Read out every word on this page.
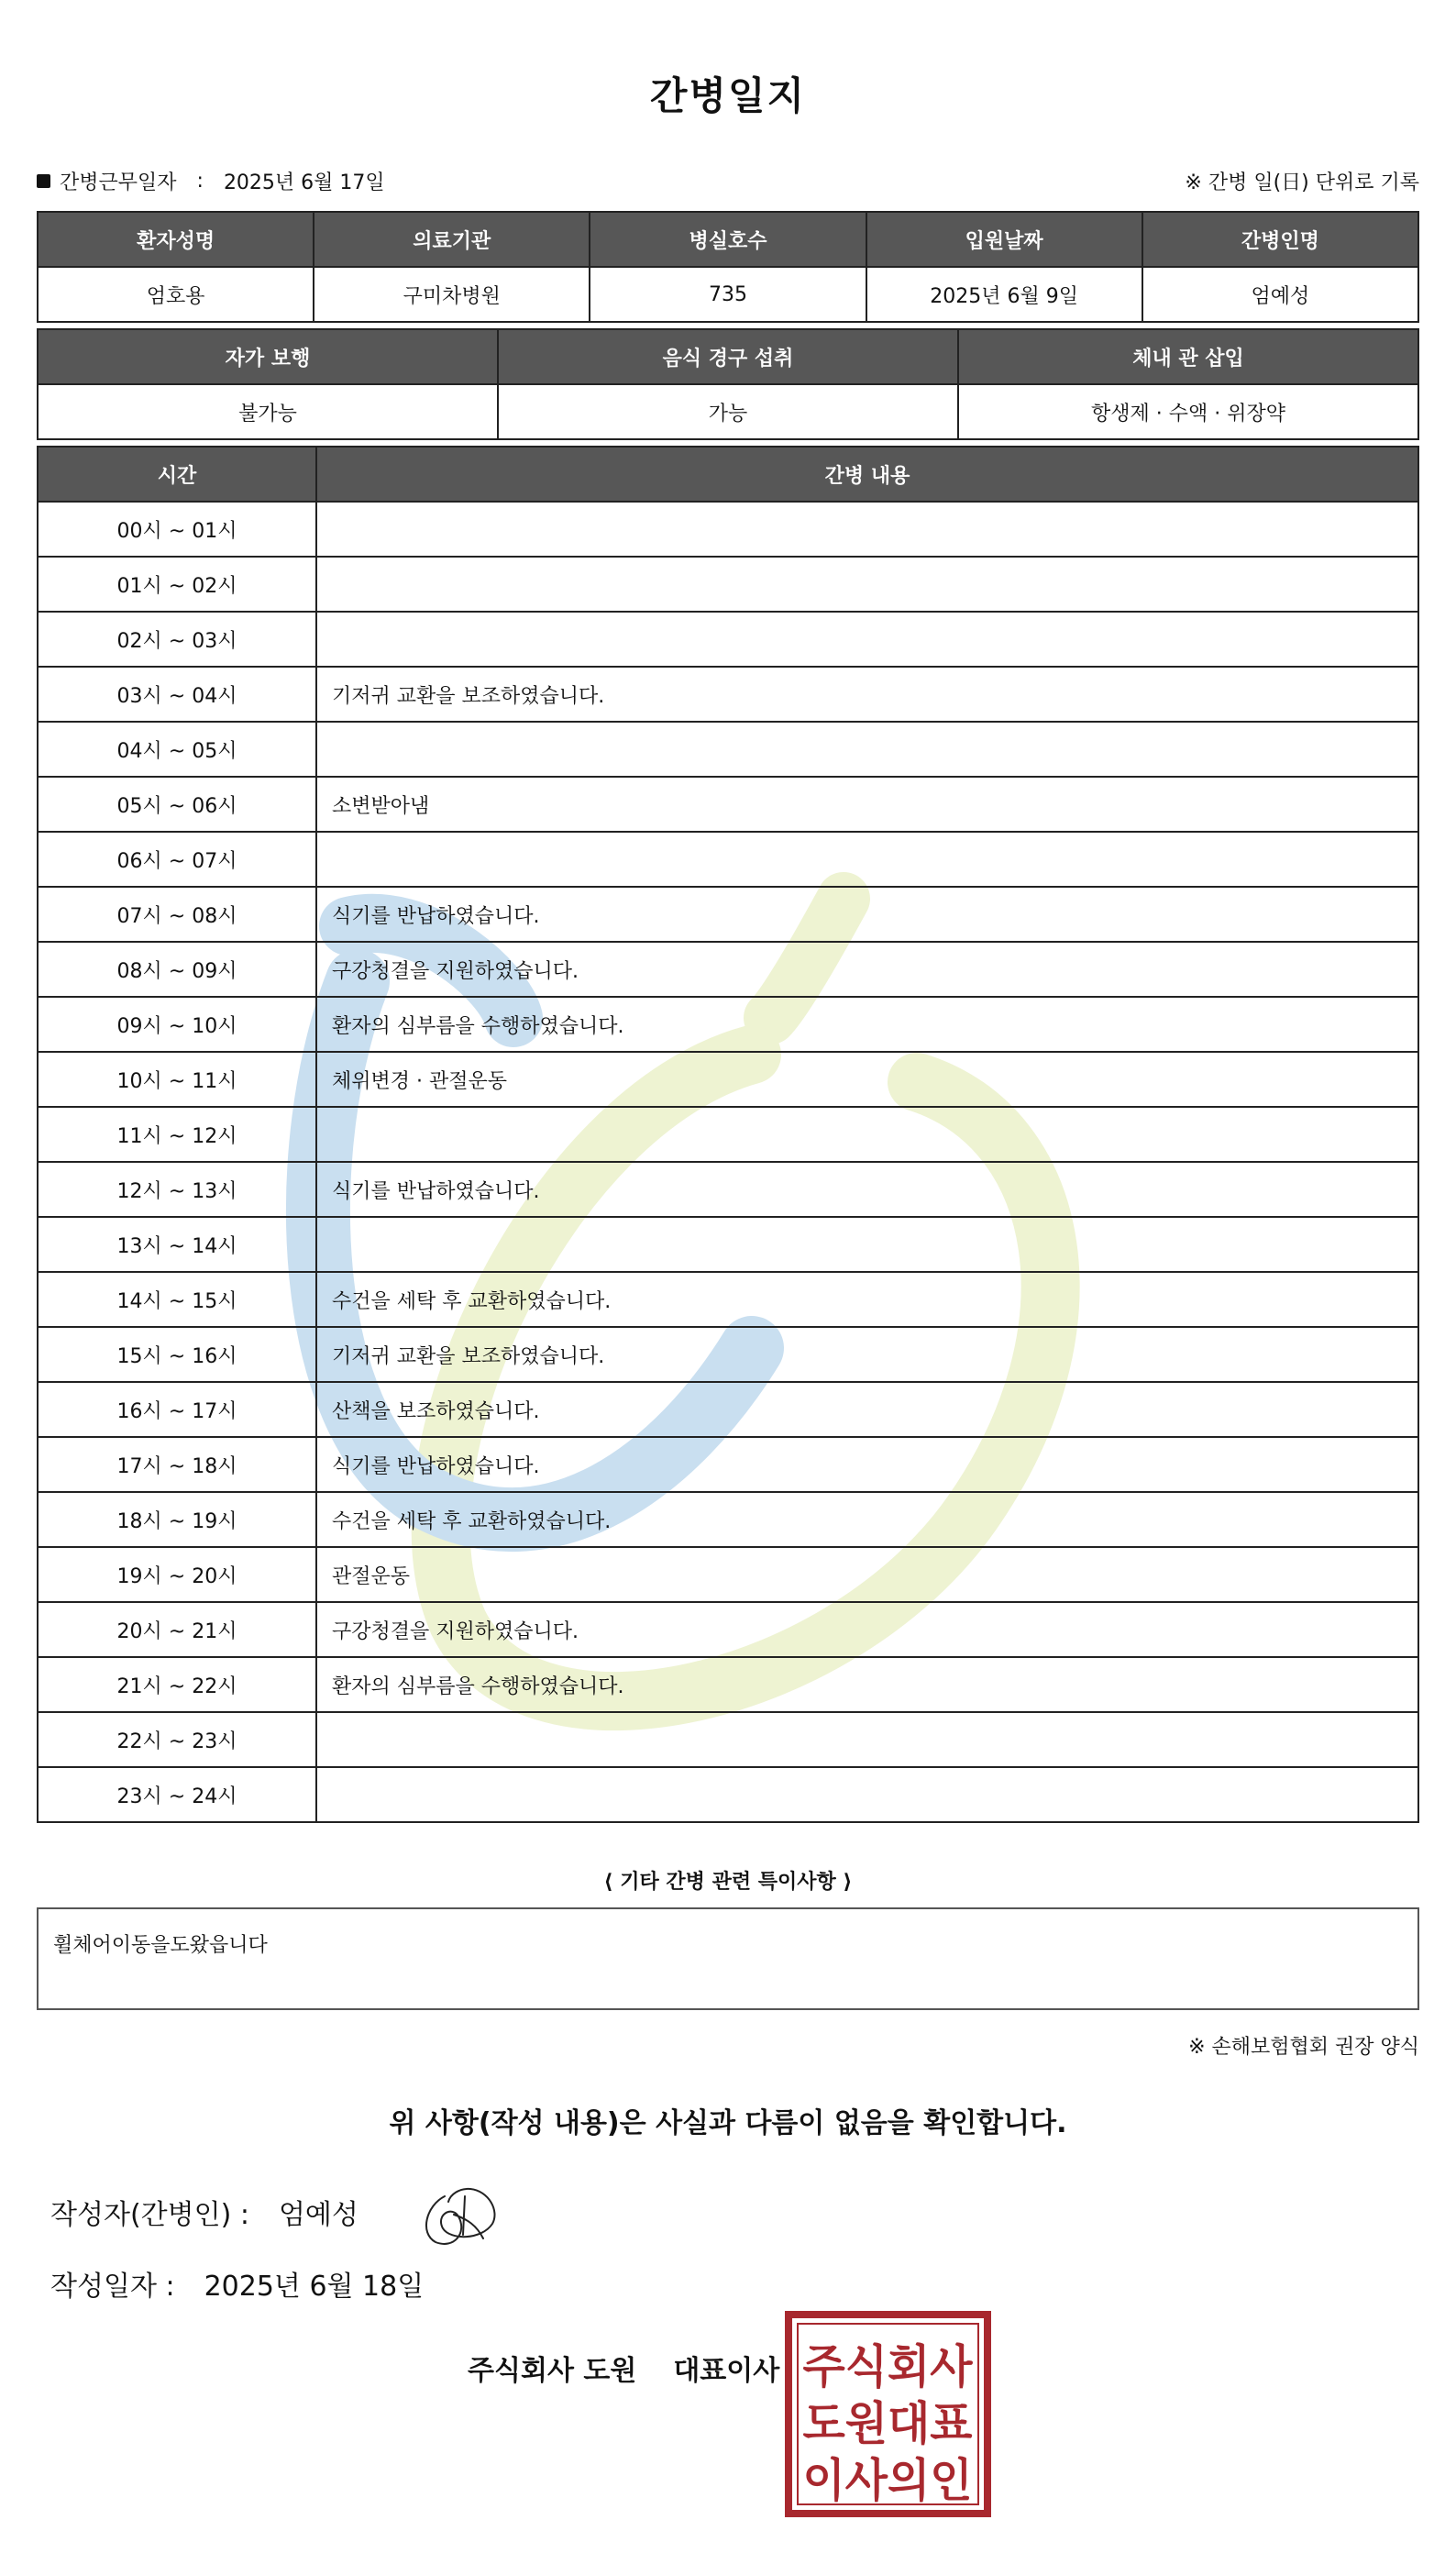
간병일지
간병근무일자 : 2025년 6월 17일	※ 간병 일(日) 단위로 기록
환자성명	의료기관	병실호수	입원날짜	간병인명
엄호용	구미차병원	735	2025년 6월 9일	엄예성
자가 보행	음식 경구 섭취	체내 관 삽입
불가능	가능	항생제 · 수액 · 위장약
시간	간병 내용
00시 ~ 01시	
01시 ~ 02시	
02시 ~ 03시	
03시 ~ 04시	기저귀 교환을 보조하였습니다.
04시 ~ 05시	
05시 ~ 06시	소변받아냄
06시 ~ 07시	
07시 ~ 08시	식기를 반납하였습니다.
08시 ~ 09시	구강청결을 지원하였습니다.
09시 ~ 10시	환자의 심부름을 수행하였습니다.
10시 ~ 11시	체위변경 · 관절운동
11시 ~ 12시	
12시 ~ 13시	식기를 반납하였습니다.
13시 ~ 14시	
14시 ~ 15시	수건을 세탁 후 교환하였습니다.
15시 ~ 16시	기저귀 교환을 보조하였습니다.
16시 ~ 17시	산책을 보조하였습니다.
17시 ~ 18시	식기를 반납하였습니다.
18시 ~ 19시	수건을 세탁 후 교환하였습니다.
19시 ~ 20시	관절운동
20시 ~ 21시	구강청결을 지원하였습니다.
21시 ~ 22시	환자의 심부름을 수행하였습니다.
22시 ~ 23시	
23시 ~ 24시	
⟨ 기타 간병 관련 특이사항 ⟩
휠체어이동을도왔읍니다
※ 손해보험협회 권장 양식
위 사항(작성 내용)은 사실과 다름이 없음을 확인합니다.
작성자(간병인) : 엄예성
작성일자 : 2025년 6월 18일
주식회사 도원 대표이사 주식회사
도원대표
이사의인
